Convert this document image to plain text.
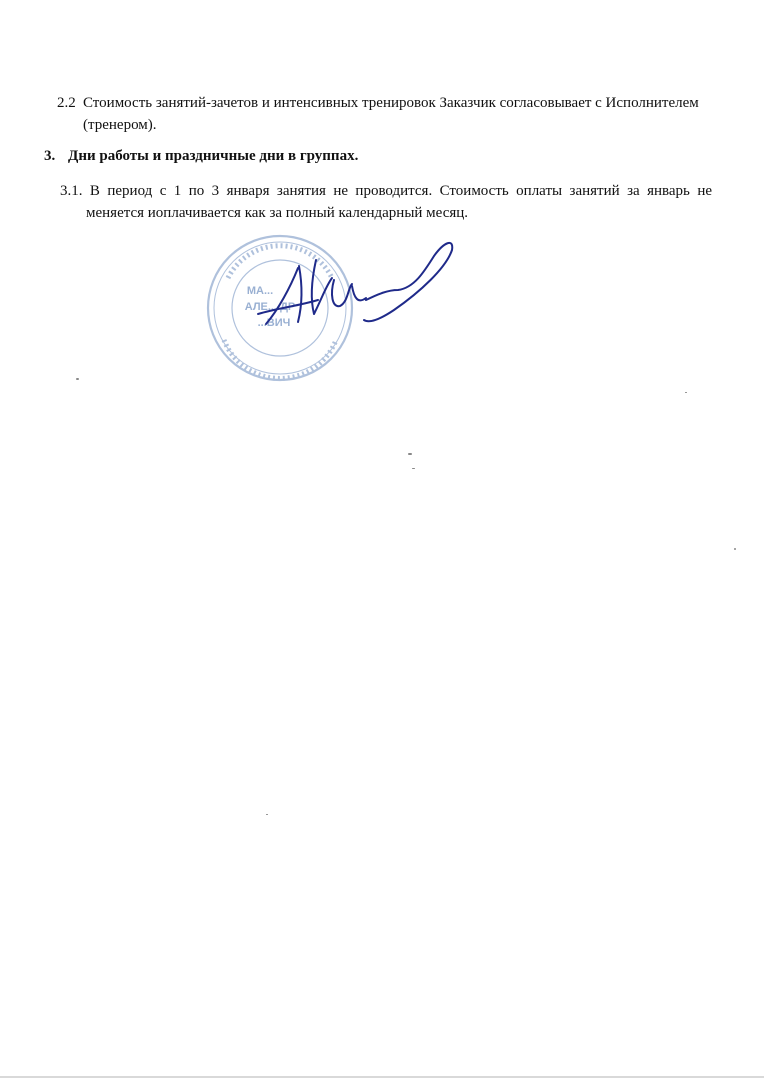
2.2 Стоимость занятий-зачетов и интенсивных тренировок Заказчик согласовывает с Исполнителем
(тренером).

3. Дни работы и праздничные дни в группах.
3.1. В период с 1 по 3 января занятия не проводится. Стоимость оплаты занятий за январь не
меняется иоплачивается как за полный календарный месяц.
МА...
АЛЕ... ДР
...ВИЧ
